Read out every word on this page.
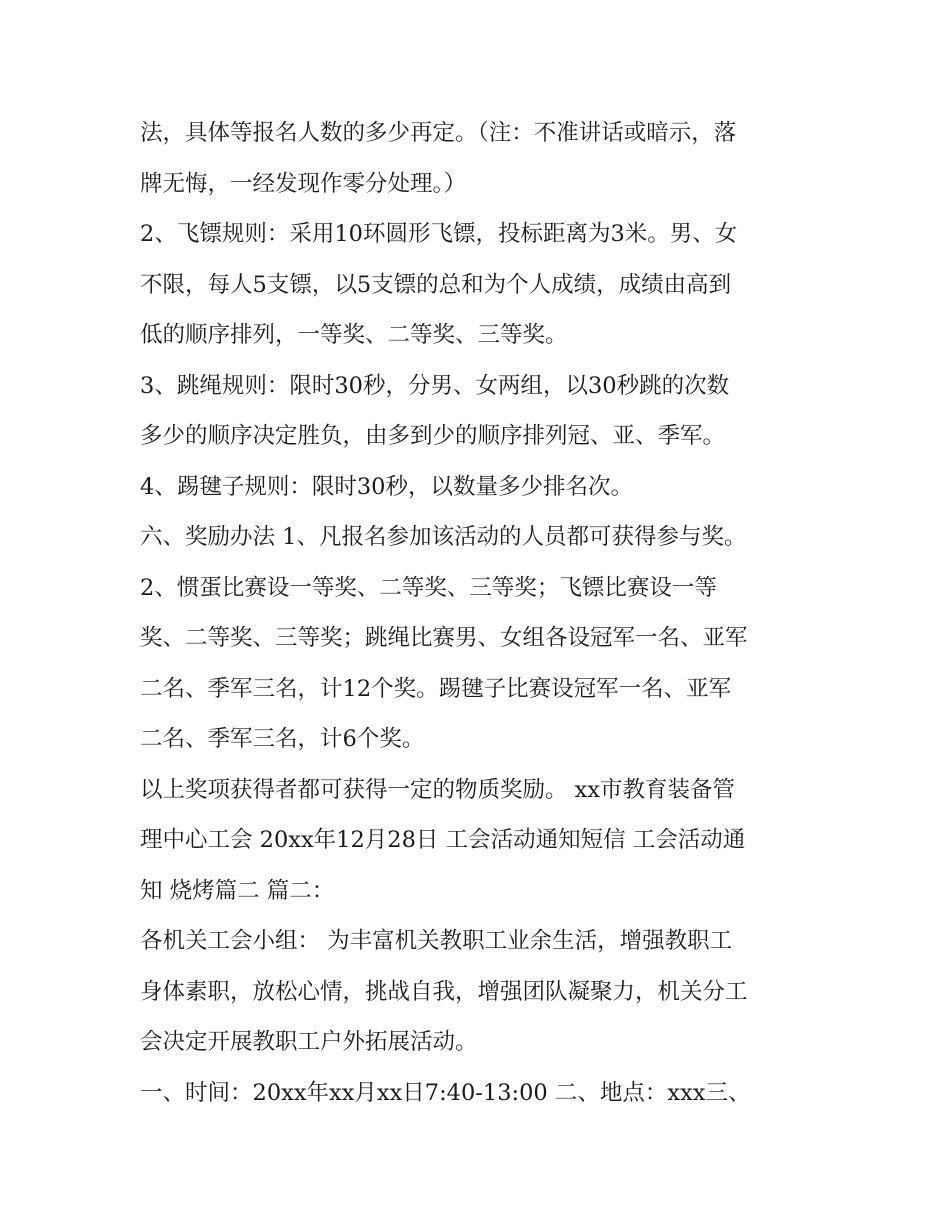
法，具体等报名人数的多少再定。（注：不准讲话或暗示，落
牌无悔，一经发现作零分处理。）
2、飞镖规则：采用10环圆形飞镖，投标距离为3米。男、女
不限，每人5支镖，以5支镖的总和为个人成绩，成绩由高到
低的顺序排列，一等奖、二等奖、三等奖。
3、跳绳规则：限时30秒，分男、女两组，以30秒跳的次数
多少的顺序决定胜负，由多到少的顺序排列冠、亚、季军。
4、踢毽子规则：限时30秒，以数量多少排名次。
六、奖励办法 1、凡报名参加该活动的人员都可获得参与奖。
2、惯蛋比赛设一等奖、二等奖、三等奖；飞镖比赛设一等
奖、二等奖、三等奖；跳绳比赛男、女组各设冠军一名、亚军
二名、季军三名，计12个奖。踢毽子比赛设冠军一名、亚军
二名、季军三名，计6个奖。
以上奖项获得者都可获得一定的物质奖励。 xx市教育装备管
理中心工会 20xx年12月28日 工会活动通知短信 工会活动通
知 烧烤篇二 篇二：
各机关工会小组： 为丰富机关教职工业余生活，增强教职工
身体素职，放松心情，挑战自我，增强团队凝聚力，机关分工
会决定开展教职工户外拓展活动。
一、时间：20xx年xx月xx日7:40-13:00 二、地点：xxx三、
